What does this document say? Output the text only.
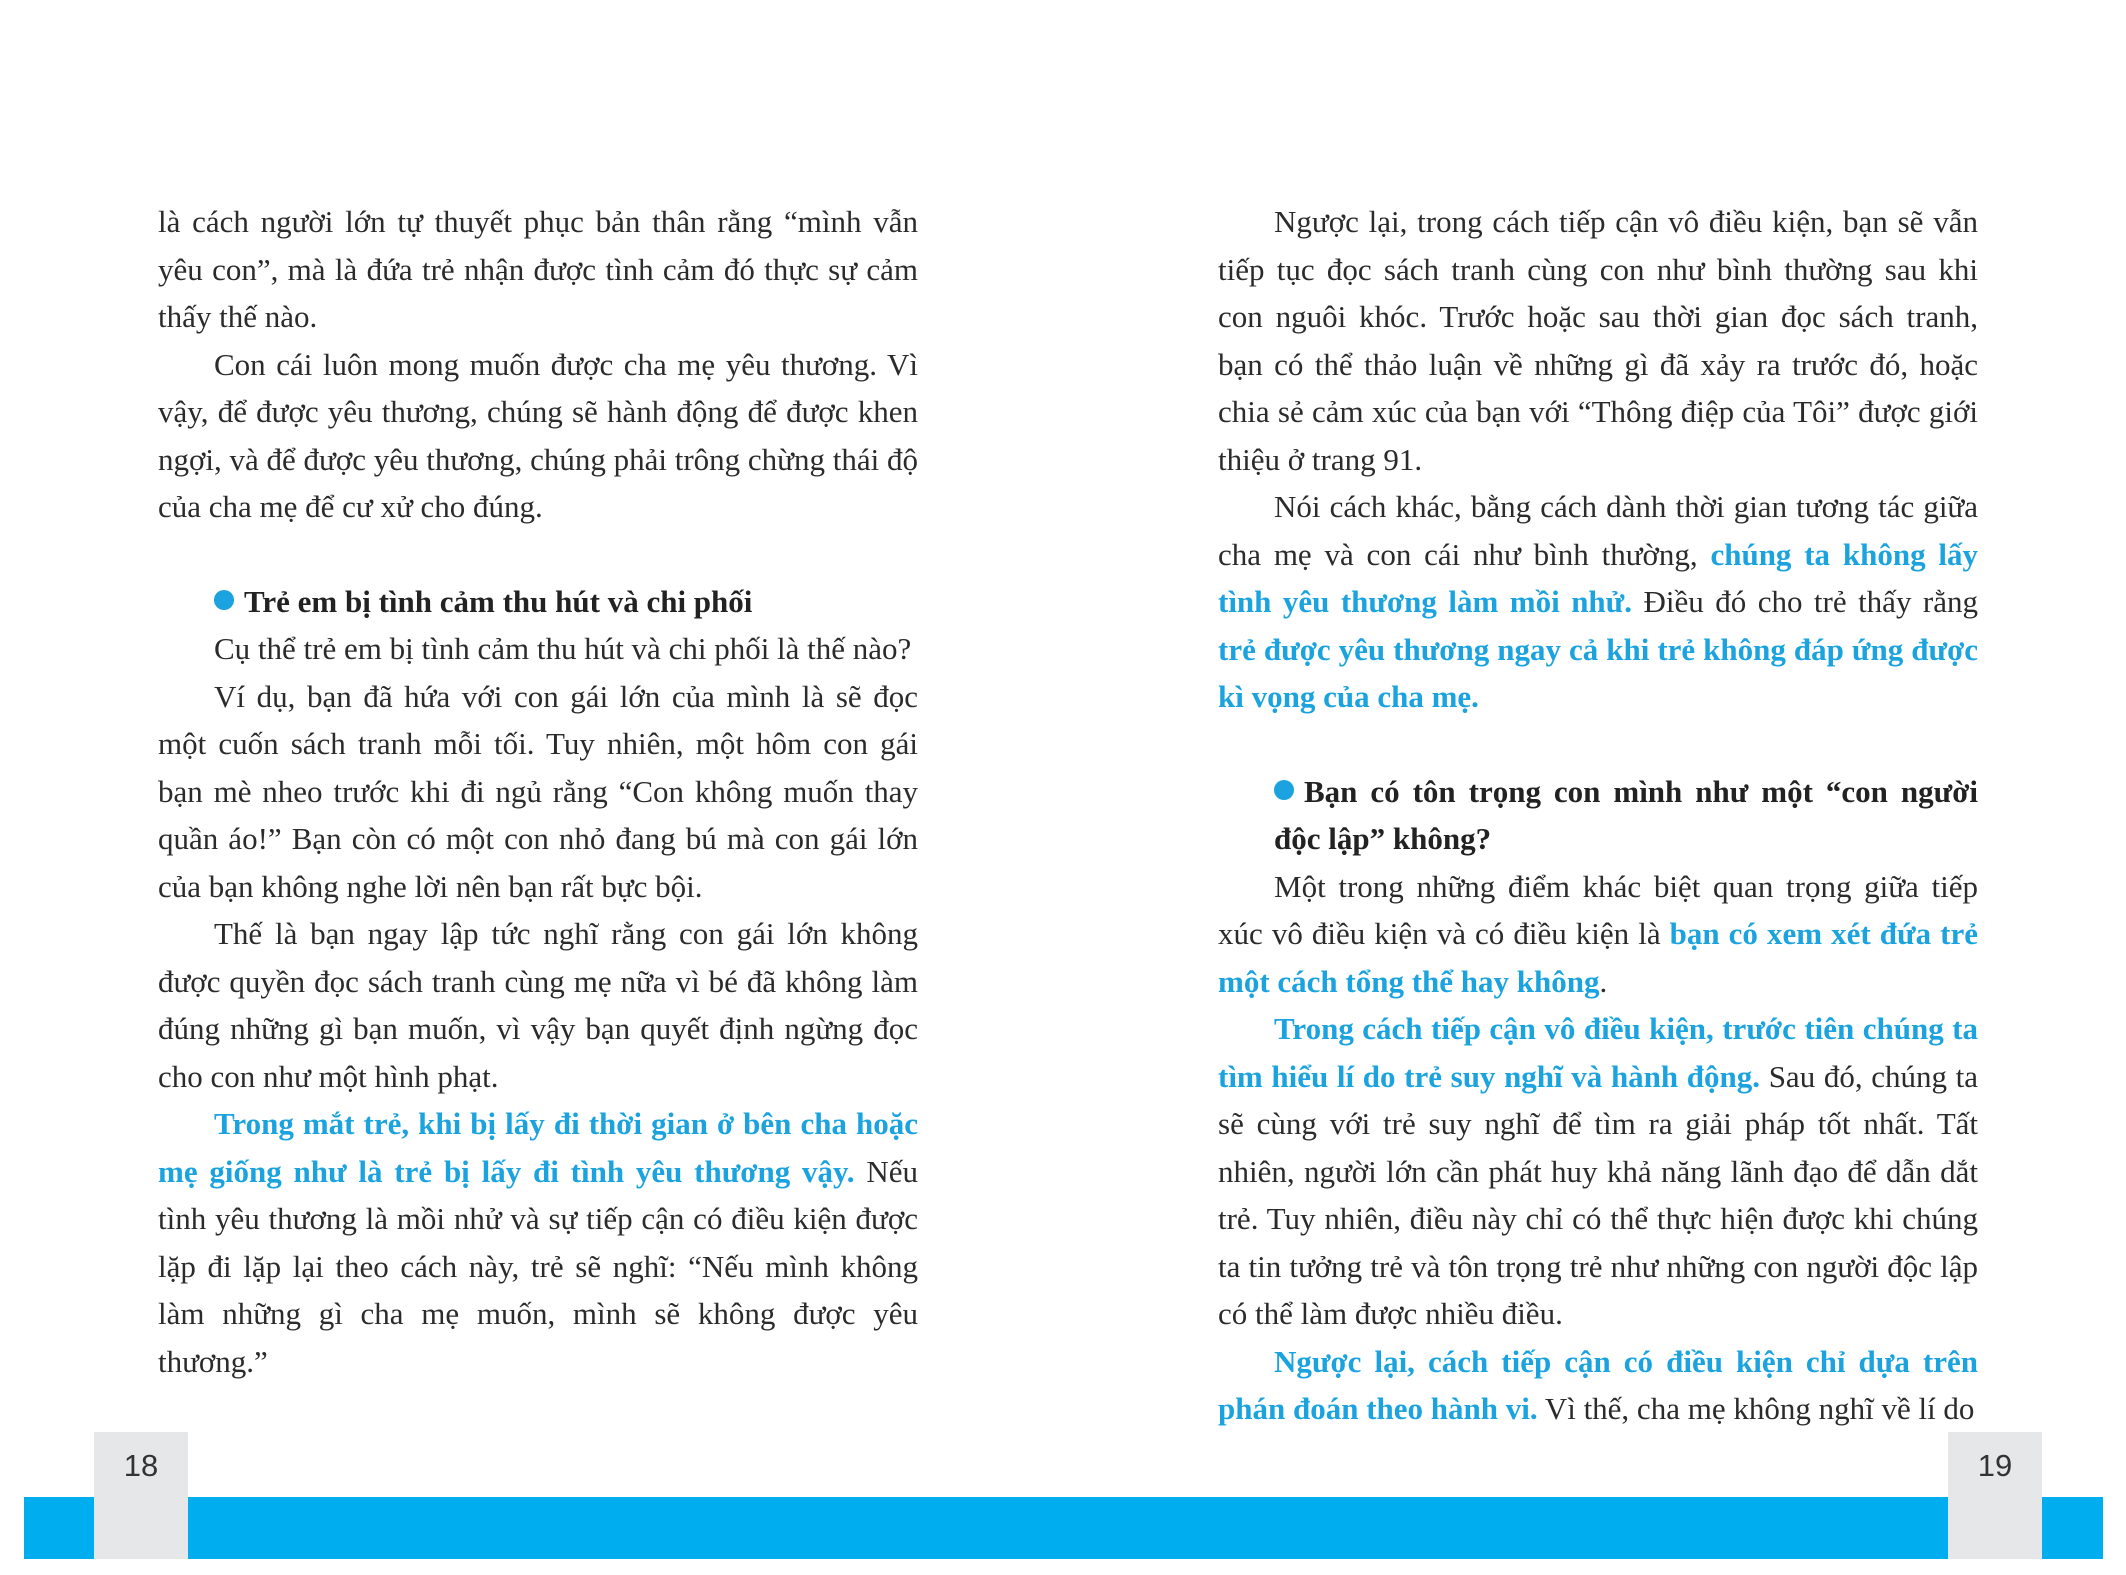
là cách người lớn tự thuyết phục bản thân rằng “mình vẫn yêu con”, mà là đứa trẻ nhận được tình cảm đó thực sự cảm thấy thế nào.

Con cái luôn mong muốn được cha mẹ yêu thương. Vì vậy, để được yêu thương, chúng sẽ hành động để được khen ngợi, và để được yêu thương, chúng phải trông chừng thái độ của cha mẹ để cư xử cho đúng.

Trẻ em bị tình cảm thu hút và chi phối

Cụ thể trẻ em bị tình cảm thu hút và chi phối là thế nào?

Ví dụ, bạn đã hứa với con gái lớn của mình là sẽ đọc một cuốn sách tranh mỗi tối. Tuy nhiên, một hôm con gái bạn mè nheo trước khi đi ngủ rằng “Con không muốn thay quần áo!” Bạn còn có một con nhỏ đang bú mà con gái lớn của bạn không nghe lời nên bạn rất bực bội.

Thế là bạn ngay lập tức nghĩ rằng con gái lớn không được quyền đọc sách tranh cùng mẹ nữa vì bé đã không làm đúng những gì bạn muốn, vì vậy bạn quyết định ngừng đọc cho con như một hình phạt.

Trong mắt trẻ, khi bị lấy đi thời gian ở bên cha hoặc mẹ giống như là trẻ bị lấy đi tình yêu thương vậy. Nếu tình yêu thương là mồi nhử và sự tiếp cận có điều kiện được lặp đi lặp lại theo cách này, trẻ sẽ nghĩ: “Nếu mình không làm những gì cha mẹ muốn, mình sẽ không được yêu thương.”

18

Ngược lại, trong cách tiếp cận vô điều kiện, bạn sẽ vẫn tiếp tục đọc sách tranh cùng con như bình thường sau khi con nguôi khóc. Trước hoặc sau thời gian đọc sách tranh, bạn có thể thảo luận về những gì đã xảy ra trước đó, hoặc chia sẻ cảm xúc của bạn với “Thông điệp của Tôi” được giới thiệu ở trang 91.

Nói cách khác, bằng cách dành thời gian tương tác giữa cha mẹ và con cái như bình thường, chúng ta không lấy tình yêu thương làm mồi nhử. Điều đó cho trẻ thấy rằng trẻ được yêu thương ngay cả khi trẻ không đáp ứng được kì vọng của cha mẹ.

Bạn có tôn trọng con mình như một “con người độc lập” không?

Một trong những điểm khác biệt quan trọng giữa tiếp xúc vô điều kiện và có điều kiện là bạn có xem xét đứa trẻ một cách tổng thể hay không.

Trong cách tiếp cận vô điều kiện, trước tiên chúng ta tìm hiểu lí do trẻ suy nghĩ và hành động. Sau đó, chúng ta sẽ cùng với trẻ suy nghĩ để tìm ra giải pháp tốt nhất. Tất nhiên, người lớn cần phát huy khả năng lãnh đạo để dẫn dắt trẻ. Tuy nhiên, điều này chỉ có thể thực hiện được khi chúng ta tin tưởng trẻ và tôn trọng trẻ như những con người độc lập có thể làm được nhiều điều.

Ngược lại, cách tiếp cận có điều kiện chỉ dựa trên phán đoán theo hành vi. Vì thế, cha mẹ không nghĩ về lí do

19
